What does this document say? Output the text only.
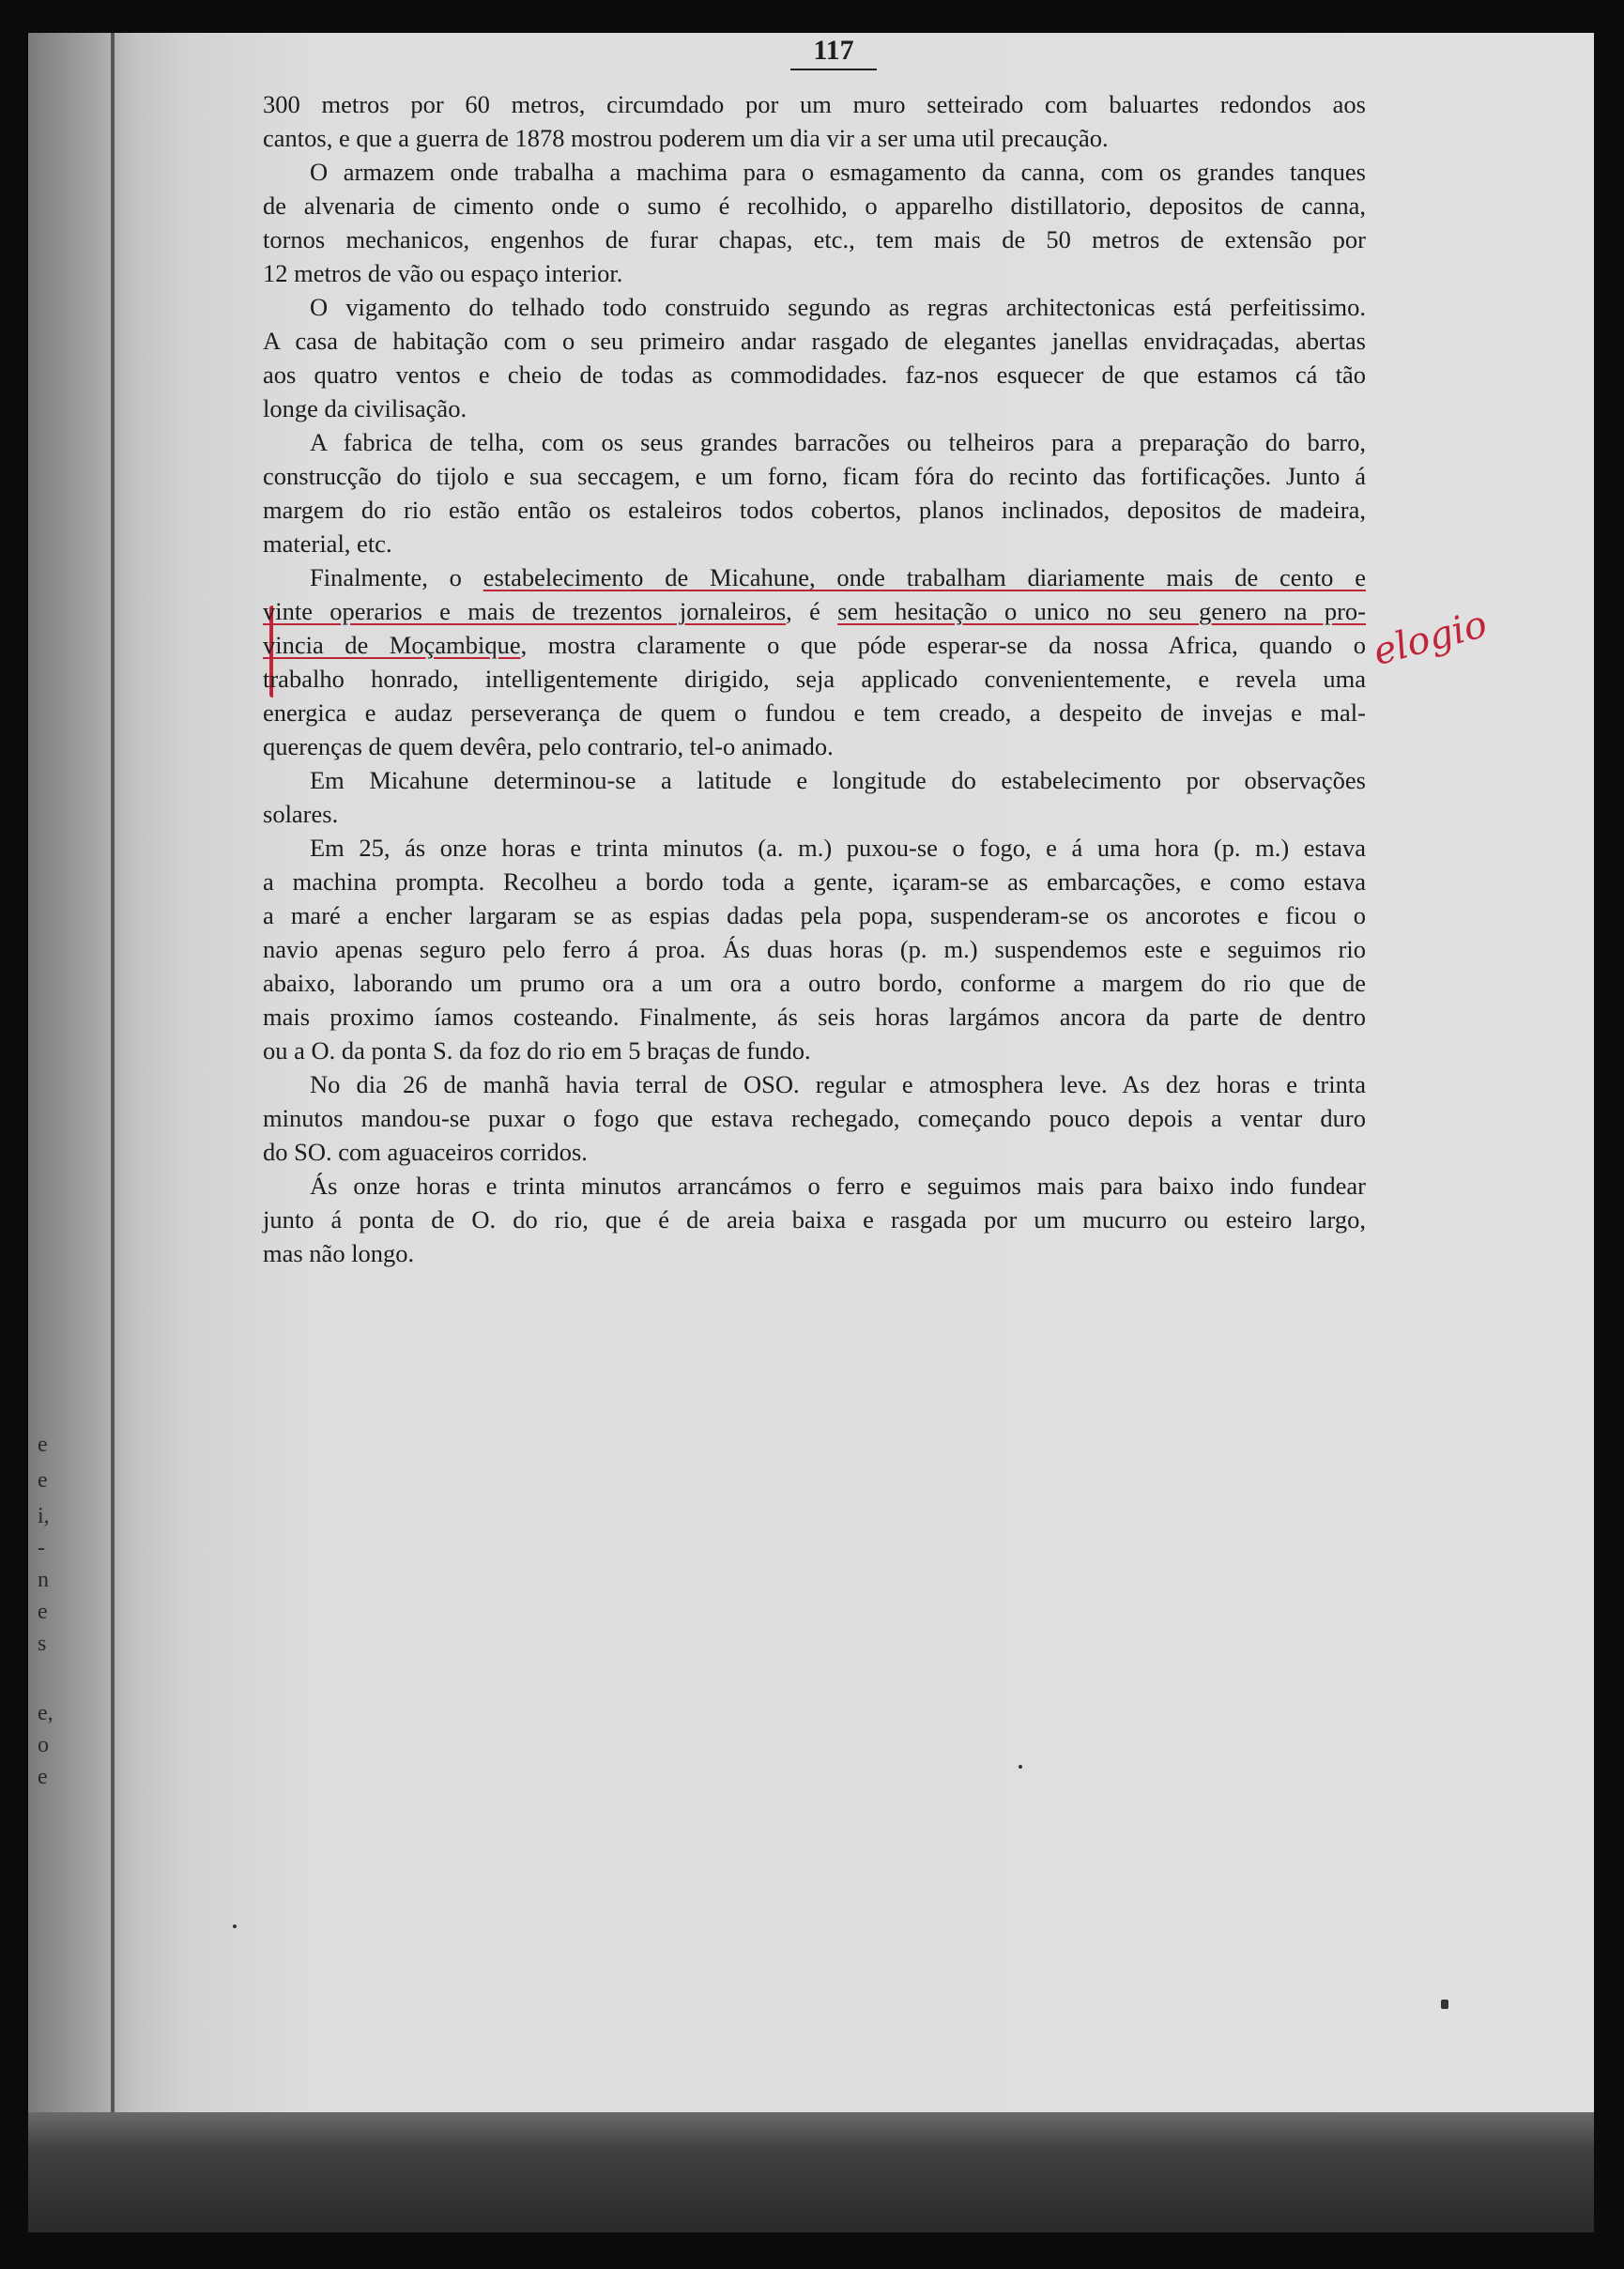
e
e
i,
-
n
e
s
e,
o
e
117
elogio
300 metros por 60 metros, circumdado por um muro setteirado com baluartes redondos aos
cantos, e que a guerra de 1878 mostrou poderem um dia vir a ser uma util precaução.
O armazem onde trabalha a machima para o esmagamento da canna, com os grandes tanques
de alvenaria de cimento onde o sumo é recolhido, o apparelho distillatorio, depositos de canna,
tornos mechanicos, engenhos de furar chapas, etc., tem mais de 50 metros de extensão por
12 metros de vão ou espaço interior.
O vigamento do telhado todo construido segundo as regras architectonicas está perfeitissimo.
A casa de habitação com o seu primeiro andar rasgado de elegantes janellas envidraçadas, abertas
aos quatro ventos e cheio de todas as commodidades. faz-nos esquecer de que estamos cá tão
longe da civilisação.
A fabrica de telha, com os seus grandes barracões ou telheiros para a preparação do barro,
construcção do tijolo e sua seccagem, e um forno, ficam fóra do recinto das fortificações. Junto á
margem do rio estão então os estaleiros todos cobertos, planos inclinados, depositos de madeira,
material, etc.
Finalmente, o estabelecimento de Micahune, onde trabalham diariamente mais de cento e
vinte operarios e mais de trezentos jornaleiros, é sem hesitação o unico no seu genero na pro-
vincia de Moçambique, mostra claramente o que póde esperar-se da nossa Africa, quando o
trabalho honrado, intelligentemente dirigido, seja applicado convenientemente, e revela uma
energica e audaz perseverança de quem o fundou e tem creado, a despeito de invejas e mal-
querenças de quem devêra, pelo contrario, tel-o animado.
Em Micahune determinou-se a latitude e longitude do estabelecimento por observações
solares.
Em 25, ás onze horas e trinta minutos (a. m.) puxou-se o fogo, e á uma hora (p. m.) estava
a machina prompta. Recolheu a bordo toda a gente, içaram-se as embarcações, e como estava
a maré a encher largaram se as espias dadas pela popa, suspenderam-se os ancorotes e ficou o
navio apenas seguro pelo ferro á proa. Ás duas horas (p. m.) suspendemos este e seguimos rio
abaixo, laborando um prumo ora a um ora a outro bordo, conforme a margem do rio que de
mais proximo íamos costeando. Finalmente, ás seis horas largámos ancora da parte de dentro
ou a O. da ponta S. da foz do rio em 5 braças de fundo.
No dia 26 de manhã havia terral de OSO. regular e atmosphera leve. As dez horas e trinta
minutos mandou-se puxar o fogo que estava rechegado, começando pouco depois a ventar duro
do SO. com aguaceiros corridos.
Ás onze horas e trinta minutos arrancámos o ferro e seguimos mais para baixo indo fundear
junto á ponta de O. do rio, que é de areia baixa e rasgada por um mucurro ou esteiro largo,
mas não longo.
